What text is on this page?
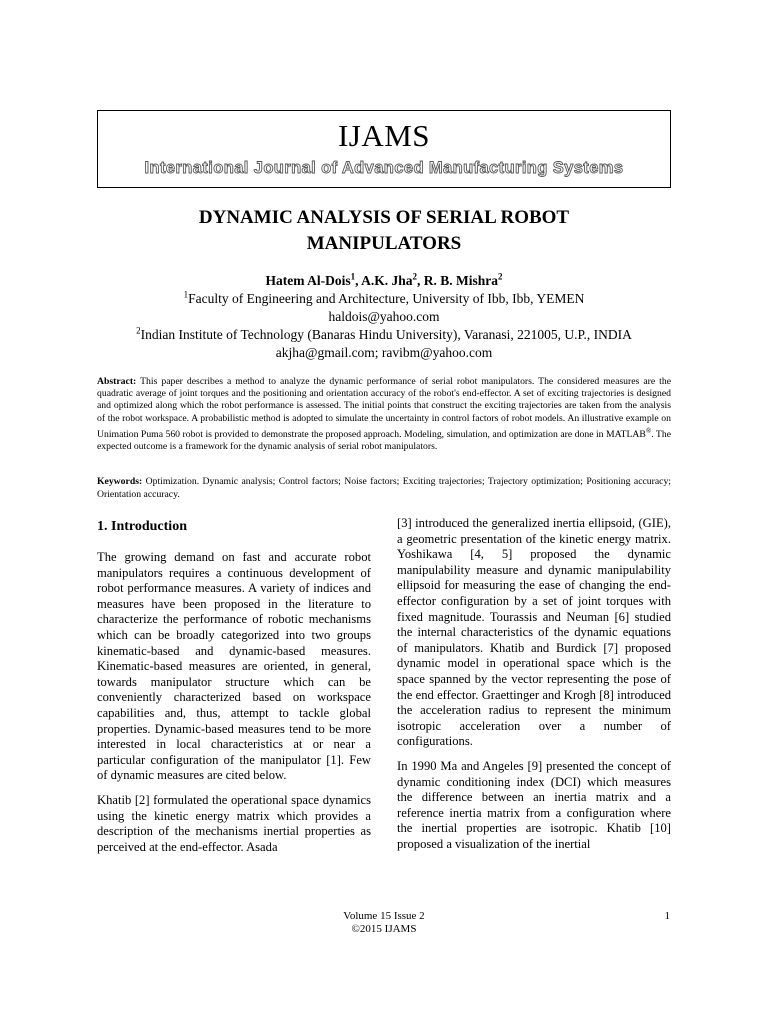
IJAMS
International Journal of Advanced Manufacturing Systems
DYNAMIC ANALYSIS OF SERIAL ROBOT
MANIPULATORS
Hatem Al-Dois$^1$, A.K. Jha$^2$, R. B. Mishra$^2$
$^1$Faculty of Engineering and Architecture, University of Ibb, Ibb, YEMEN
haldois@yahoo.com
$^2$Indian Institute of Technology (Banaras Hindu University), Varanasi, 221005, U.P., INDIA
akjha@gmail.com; ravibm@yahoo.com
Abstract: This paper describes a method to analyze the dynamic performance of serial robot manipulators. The considered measures are the quadratic average of joint torques and the positioning and orientation accuracy of the robot's end-effector. A set of exciting trajectories is designed and optimized along which the robot performance is assessed. The initial points that construct the exciting trajectories are taken from the analysis of the robot workspace. A probabilistic method is adopted to simulate the uncertainty in control factors of robot models. An illustrative example on Unimation Puma 560 robot is provided to demonstrate the proposed approach. Modeling, simulation, and optimization are done in MATLAB®. The expected outcome is a framework for the dynamic analysis of serial robot manipulators.
Keywords: Optimization. Dynamic analysis; Control factors; Noise factors; Exciting trajectories; Trajectory optimization; Positioning accuracy; Orientation accuracy.
1. Introduction

The growing demand on fast and accurate robot manipulators requires a continuous development of robot performance measures. A variety of indices and measures have been proposed in the literature to characterize the performance of robotic mechanisms which can be broadly categorized into two groups kinematic-based and dynamic-based measures. Kinematic-based measures are oriented, in general, towards manipulator structure which can be conveniently characterized based on workspace capabilities and, thus, attempt to tackle global properties. Dynamic-based measures tend to be more interested in local characteristics at or near a particular configuration of the manipulator [1]. Few of dynamic measures are cited below.

Khatib [2] formulated the operational space dynamics using the kinetic energy matrix which provides a description of the mechanisms inertial properties as perceived at the end-effector. Asada

[3] introduced the generalized inertia ellipsoid, (GIE), a geometric presentation of the kinetic energy matrix. Yoshikawa [4, 5] proposed the dynamic manipulability measure and dynamic manipulability ellipsoid for measuring the ease of changing the end-effector configuration by a set of joint torques with fixed magnitude. Tourassis and Neuman [6] studied the internal characteristics of the dynamic equations of manipulators. Khatib and Burdick [7] proposed dynamic model in operational space which is the space spanned by the vector representing the pose of the end effector. Graettinger and Krogh [8] introduced the acceleration radius to represent the minimum isotropic acceleration over a number of configurations.

In 1990 Ma and Angeles [9] presented the concept of dynamic conditioning index (DCI) which measures the difference between an inertia matrix and a reference inertia matrix from a configuration where the inertial properties are isotropic. Khatib [10] proposed a visualization of the inertial

Volume 15 Issue 2
©2015 IJAMS
1
